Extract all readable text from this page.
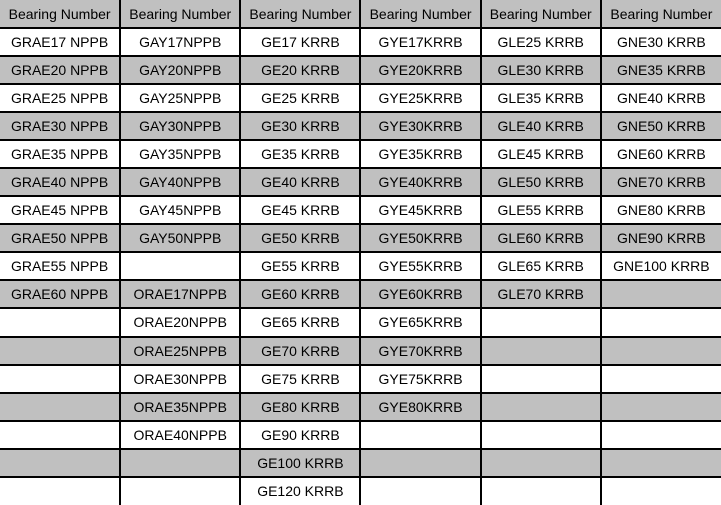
Bearing Number	Bearing Number	Bearing Number	Bearing Number	Bearing Number	Bearing Number
GRAE17 NPPB	GAY17NPPB	GE17 KRRB	GYE17KRRB	GLE25 KRRB	GNE30 KRRB
GRAE20 NPPB	GAY20NPPB	GE20 KRRB	GYE20KRRB	GLE30 KRRB	GNE35 KRRB
GRAE25 NPPB	GAY25NPPB	GE25 KRRB	GYE25KRRB	GLE35 KRRB	GNE40 KRRB
GRAE30 NPPB	GAY30NPPB	GE30 KRRB	GYE30KRRB	GLE40 KRRB	GNE50 KRRB
GRAE35 NPPB	GAY35NPPB	GE35 KRRB	GYE35KRRB	GLE45 KRRB	GNE60 KRRB
GRAE40 NPPB	GAY40NPPB	GE40 KRRB	GYE40KRRB	GLE50 KRRB	GNE70 KRRB
GRAE45 NPPB	GAY45NPPB	GE45 KRRB	GYE45KRRB	GLE55 KRRB	GNE80 KRRB
GRAE50 NPPB	GAY50NPPB	GE50 KRRB	GYE50KRRB	GLE60 KRRB	GNE90 KRRB
GRAE55 NPPB		GE55 KRRB	GYE55KRRB	GLE65 KRRB	GNE100 KRRB
GRAE60 NPPB	ORAE17NPPB	GE60 KRRB	GYE60KRRB	GLE70 KRRB	
	ORAE20NPPB	GE65 KRRB	GYE65KRRB		
	ORAE25NPPB	GE70 KRRB	GYE70KRRB		
	ORAE30NPPB	GE75 KRRB	GYE75KRRB		
	ORAE35NPPB	GE80 KRRB	GYE80KRRB		
	ORAE40NPPB	GE90 KRRB			
		GE100 KRRB			
		GE120 KRRB			
